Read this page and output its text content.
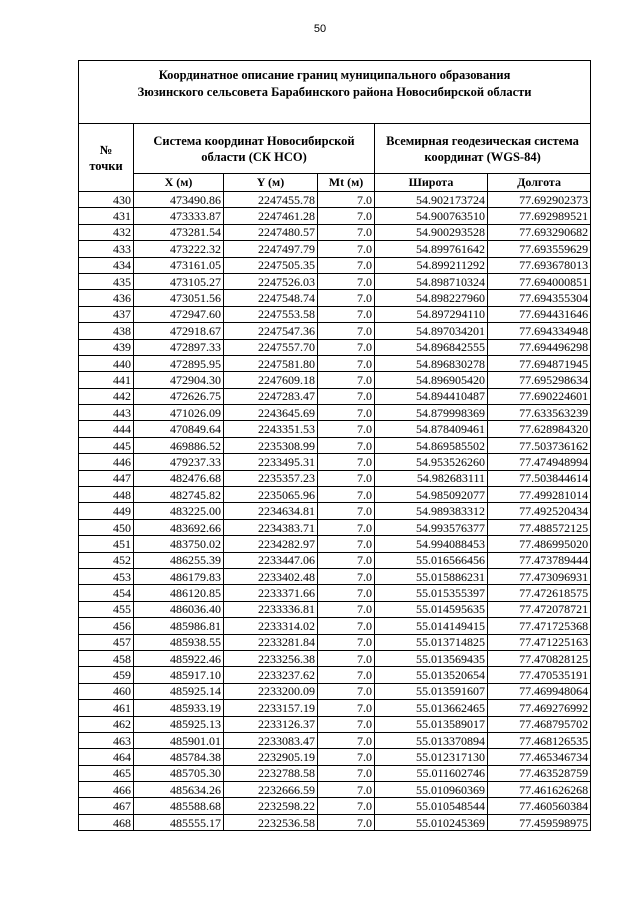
50
Координатное описание границ муниципального образования
Зюзинского сельсовета Барабинского района Новосибирской области					

№
точки	Система координат Новосибирской
области (СК НСО)			Всемирная геодезическая система
координат (WGS-84)	

	X (м)	Y (м)	Mt (м)	Широта	Долгота
430	473490.86	2247455.78	7.0	54.902173724	77.692902373
431	473333.87	2247461.28	7.0	54.900763510	77.692989521
432	473281.54	2247480.57	7.0	54.900293528	77.693290682
433	473222.32	2247497.79	7.0	54.899761642	77.693559629
434	473161.05	2247505.35	7.0	54.899211292	77.693678013
435	473105.27	2247526.03	7.0	54.898710324	77.694000851
436	473051.56	2247548.74	7.0	54.898227960	77.694355304
437	472947.60	2247553.58	7.0	54.897294110	77.694431646
438	472918.67	2247547.36	7.0	54.897034201	77.694334948
439	472897.33	2247557.70	7.0	54.896842555	77.694496298
440	472895.95	2247581.80	7.0	54.896830278	77.694871945
441	472904.30	2247609.18	7.0	54.896905420	77.695298634
442	472626.75	2247283.47	7.0	54.894410487	77.690224601
443	471026.09	2243645.69	7.0	54.879998369	77.633563239
444	470849.64	2243351.53	7.0	54.878409461	77.628984320
445	469886.52	2235308.99	7.0	54.869585502	77.503736162
446	479237.33	2233495.31	7.0	54.953526260	77.474948994
447	482476.68	2235357.23	7.0	54.982683111	77.503844614
448	482745.82	2235065.96	7.0	54.985092077	77.499281014
449	483225.00	2234634.81	7.0	54.989383312	77.492520434
450	483692.66	2234383.71	7.0	54.993576377	77.488572125
451	483750.02	2234282.97	7.0	54.994088453	77.486995020
452	486255.39	2233447.06	7.0	55.016566456	77.473789444
453	486179.83	2233402.48	7.0	55.015886231	77.473096931
454	486120.85	2233371.66	7.0	55.015355397	77.472618575
455	486036.40	2233336.81	7.0	55.014595635	77.472078721
456	485986.81	2233314.02	7.0	55.014149415	77.471725368
457	485938.55	2233281.84	7.0	55.013714825	77.471225163
458	485922.46	2233256.38	7.0	55.013569435	77.470828125
459	485917.10	2233237.62	7.0	55.013520654	77.470535191
460	485925.14	2233200.09	7.0	55.013591607	77.469948064
461	485933.19	2233157.19	7.0	55.013662465	77.469276992
462	485925.13	2233126.37	7.0	55.013589017	77.468795702
463	485901.01	2233083.47	7.0	55.013370894	77.468126535
464	485784.38	2232905.19	7.0	55.012317130	77.465346734
465	485705.30	2232788.58	7.0	55.011602746	77.463528759
466	485634.26	2232666.59	7.0	55.010960369	77.461626268
467	485588.68	2232598.22	7.0	55.010548544	77.460560384
468	485555.17	2232536.58	7.0	55.010245369	77.459598975
